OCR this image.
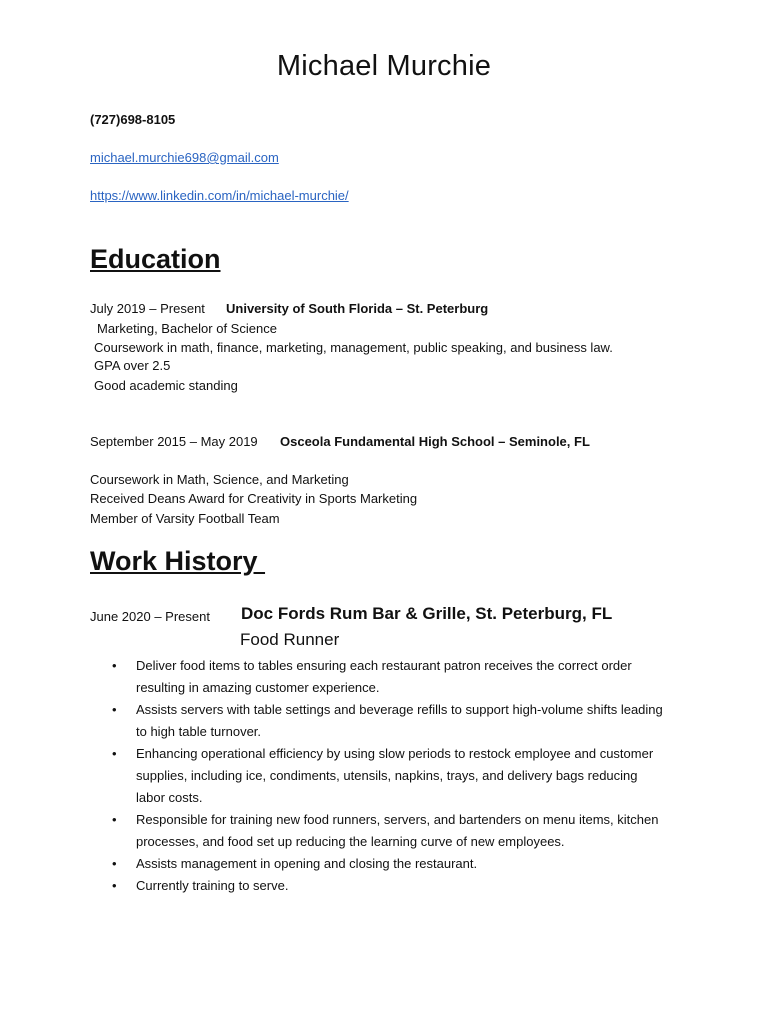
Michael Murchie
(727)698-8105
michael.murchie698@gmail.com
https://www.linkedin.com/in/michael-murchie/
Education
July 2019 – Present University of South Florida – St. Peterburg
Marketing, Bachelor of Science
Coursework in math, finance, marketing, management, public speaking, and business law.
GPA over 2.5
Good academic standing
September 2015 – May 2019 Osceola Fundamental High School – Seminole, FL
Coursework in Math, Science, and Marketing
Received Deans Award for Creativity in Sports Marketing
Member of Varsity Football Team
Work History
June 2020 – Present Doc Fords Rum Bar & Grille, St. Peterburg, FL
Food Runner
• Deliver food items to tables ensuring each restaurant patron receives the correct order resulting in amazing customer experience.
• Assists servers with table settings and beverage refills to support high-volume shifts leading to high table turnover.
• Enhancing operational efficiency by using slow periods to restock employee and customer supplies, including ice, condiments, utensils, napkins, trays, and delivery bags reducing labor costs.
• Responsible for training new food runners, servers, and bartenders on menu items, kitchen processes, and food set up reducing the learning curve of new employees.
• Assists management in opening and closing the restaurant.
• Currently training to serve.
